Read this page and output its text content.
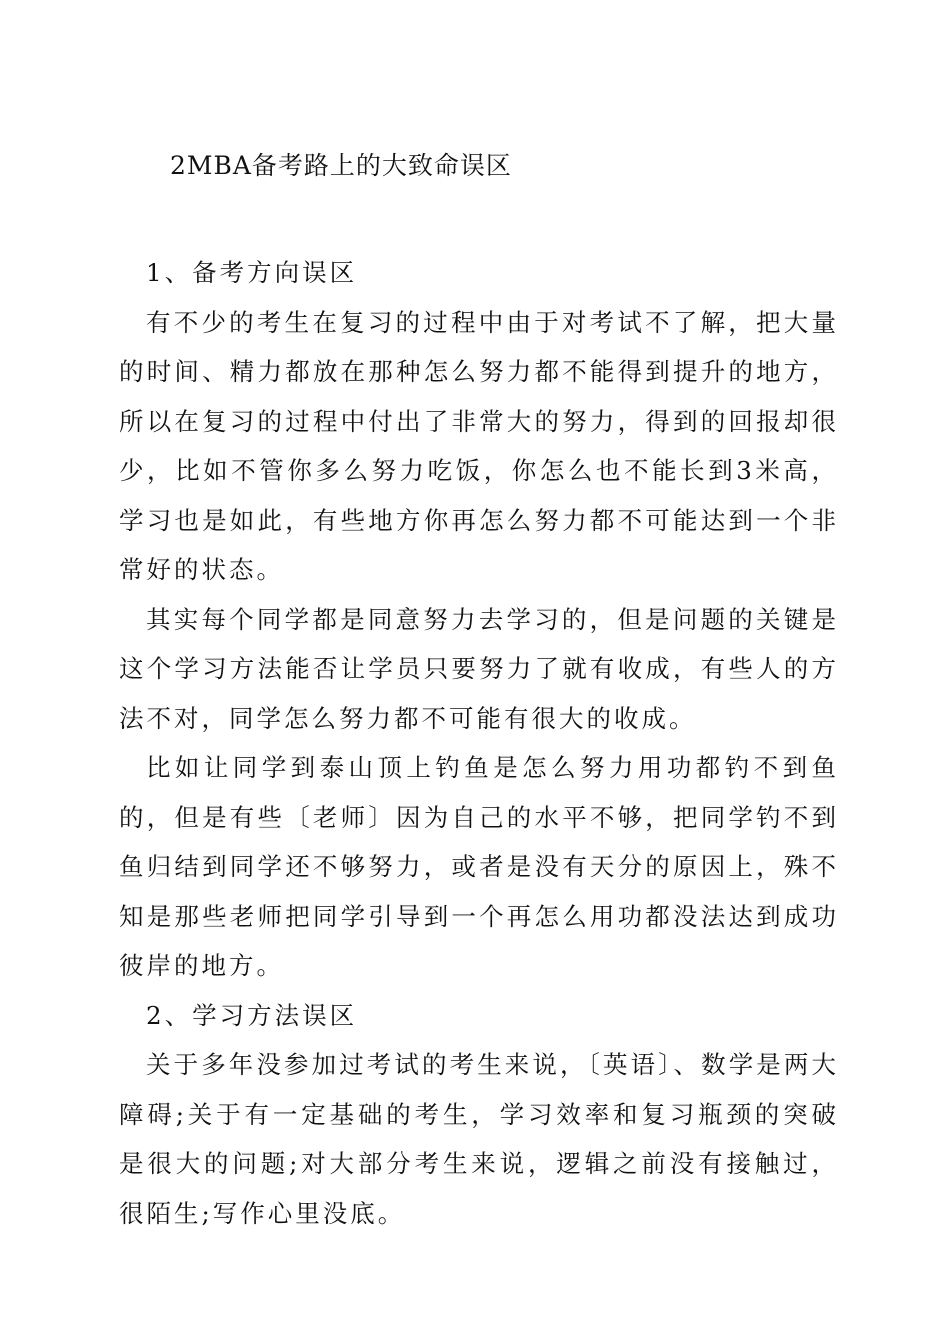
2MBA备考路上的大致命误区

1、备考方向误区

有不少的考生在复习的过程中由于对考试不了解，把大量的时间、精力都放在那种怎么努力都不能得到提升的地方，所以在复习的过程中付出了非常大的努力，得到的回报却很少，比如不管你多么努力吃饭，你怎么也不能长到3米高，学习也是如此，有些地方你再怎么努力都不可能达到一个非常好的状态。

其实每个同学都是同意努力去学习的，但是问题的关键是这个学习方法能否让学员只要努力了就有收成，有些人的方法不对，同学怎么努力都不可能有很大的收成。

比如让同学到泰山顶上钓鱼是怎么努力用功都钓不到鱼的，但是有些〔老师〕因为自己的水平不够，把同学钓不到鱼归结到同学还不够努力，或者是没有天分的原因上，殊不知是那些老师把同学引导到一个再怎么用功都没法达到成功彼岸的地方。

2、学习方法误区

关于多年没参加过考试的考生来说，〔英语〕、数学是两大障碍;关于有一定基础的考生，学习效率和复习瓶颈的突破是很大的问题;对大部分考生来说，逻辑之前没有接触过，很陌生;写作心里没底。
